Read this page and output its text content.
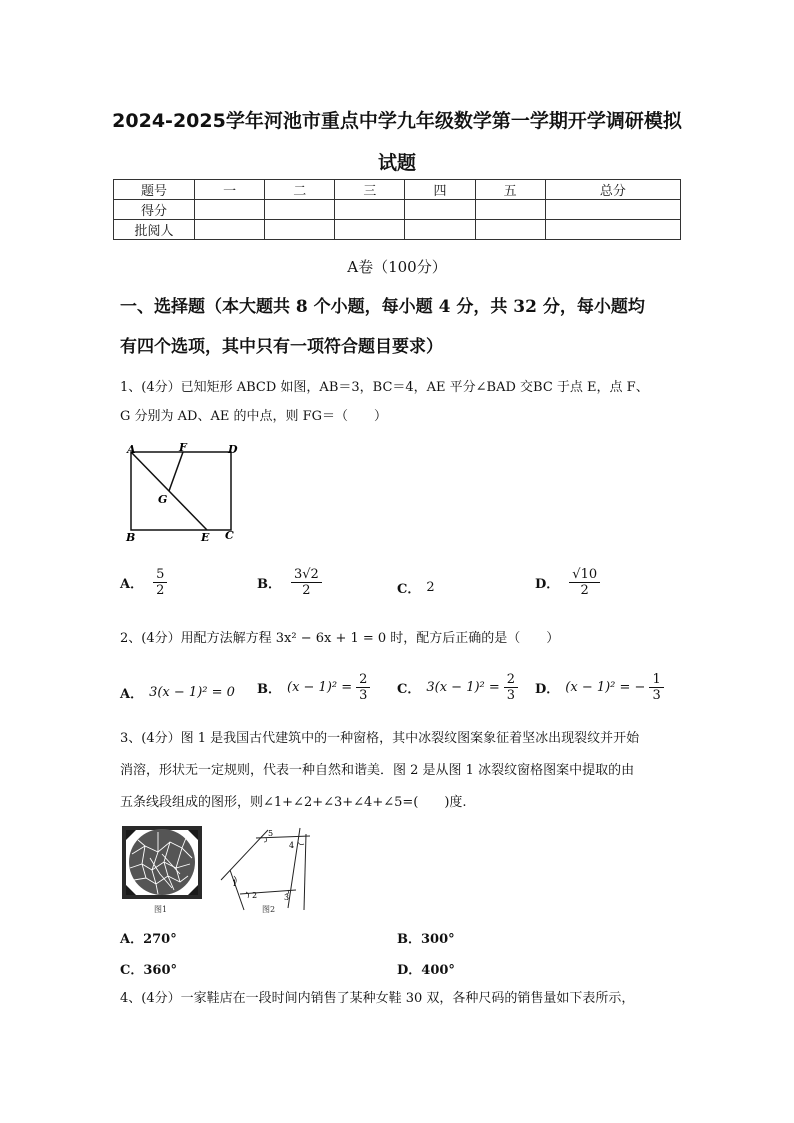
2024-2025学年河池市重点中学九年级数学第一学期开学调研模拟
试题
题号	一	二	三	四	五	总分
得分						
批阅人						
A卷（100分）
一、选择题（本大题共 8 个小题，每小题 4 分，共 32 分，每小题均
有四个选项，其中只有一项符合题目要求）
1、(4分）已知矩形 ABCD 如图，AB＝3，BC＝4，AE 平分∠BAD 交BC 于点 E，点 F、
G 分别为 AD、AE 的中点，则 FG＝（　　）
A	F	D
G
B	E C
A． $\frac{5}{2}$	B． $\frac{3√2}{2}$	C． 2	D． $\frac{√10}{2}$
2、(4分）用配方法解方程 3x² − 6x + 1 = 0 时，配方后正确的是（　　）
A． 3(x − 1)² = 0 B． $(x - 1)^2 = \frac{2}{3}$ C． $3(x - 1)^2 = \frac{2}{3}$ D． (x − 1)² = − $\frac{1}{3}$
3、(4分）图 1 是我国古代建筑中的一种窗格，其中冰裂纹图案象征着坚冰出现裂纹并开始
消溶，形状无一定规则，代表一种自然和谐美．图 2 是从图 1 冰裂纹窗格图案中提取的由
五条线段组成的图形，则∠1+∠2+∠3+∠4+∠5=(　　)度.
图1
1
2	3
4
5
图2
A．270°	B．300°
C．360°	D．400°
4、(4分）一家鞋店在一段时间内销售了某种女鞋 30 双，各种尺码的销售量如下表所示，
